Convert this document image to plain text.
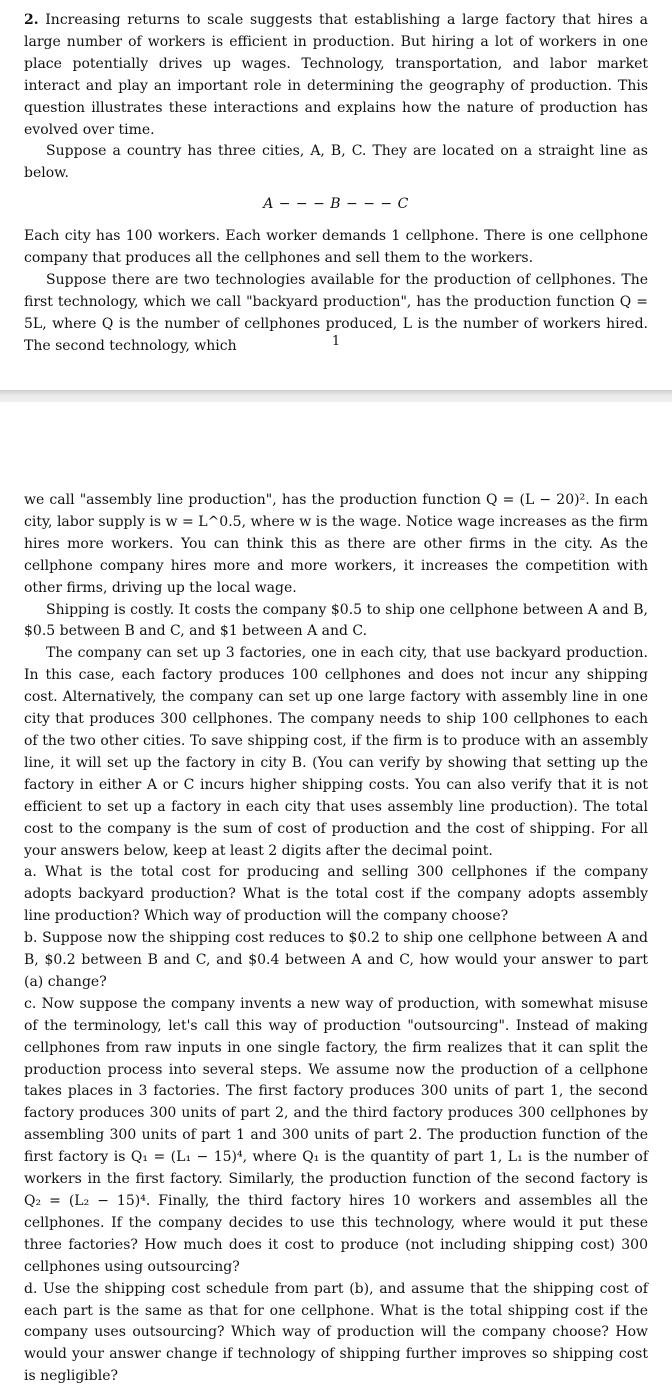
2. Increasing returns to scale suggests that establishing a large factory that hires a large number of workers is efficient in production. But hiring a lot of workers in one place potentially drives up wages. Technology, transportation, and labor market interact and play an important role in determining the geography of production. This question illustrates these interactions and explains how the nature of production has evolved over time.

Suppose a country has three cities, A, B, C. They are located on a straight line as below.

A − − − B − − − C

Each city has 100 workers. Each worker demands 1 cellphone. There is one cellphone company that produces all the cellphones and sell them to the workers.

Suppose there are two technologies available for the production of cellphones. The first technology, which we call "backyard production", has the production function Q = 5L, where Q is the number of cellphones produced, L is the number of workers hired. The second technology, which	1

we call "assembly line production", has the production function Q = (L − 20)². In each city, labor supply is w = L^0.5, where w is the wage. Notice wage increases as the firm hires more workers. You can think this as there are other firms in the city. As the cellphone company hires more and more workers, it increases the competition with other firms, driving up the local wage.

Shipping is costly. It costs the company $0.5 to ship one cellphone between A and B, $0.5 between B and C, and $1 between A and C.

The company can set up 3 factories, one in each city, that use backyard production. In this case, each factory produces 100 cellphones and does not incur any shipping cost. Alternatively, the company can set up one large factory with assembly line in one city that produces 300 cellphones. The company needs to ship 100 cellphones to each of the two other cities. To save shipping cost, if the firm is to produce with an assembly line, it will set up the factory in city B. (You can verify by showing that setting up the factory in either A or C incurs higher shipping costs. You can also verify that it is not efficient to set up a factory in each city that uses assembly line production). The total cost to the company is the sum of cost of production and the cost of shipping. For all your answers below, keep at least 2 digits after the decimal point.

a. What is the total cost for producing and selling 300 cellphones if the company adopts backyard production? What is the total cost if the company adopts assembly line production? Which way of production will the company choose?

b. Suppose now the shipping cost reduces to $0.2 to ship one cellphone between A and B, $0.2 between B and C, and $0.4 between A and C, how would your answer to part (a) change?

c. Now suppose the company invents a new way of production, with somewhat misuse of the terminology, let's call this way of production "outsourcing". Instead of making cellphones from raw inputs in one single factory, the firm realizes that it can split the production process into several steps. We assume now the production of a cellphone takes places in 3 factories. The first factory produces 300 units of part 1, the second factory produces 300 units of part 2, and the third factory produces 300 cellphones by assembling 300 units of part 1 and 300 units of part 2. The production function of the first factory is Q₁ = (L₁ − 15)⁴, where Q₁ is the quantity of part 1, L₁ is the number of workers in the first factory. Similarly, the production function of the second factory is Q₂ = (L₂ − 15)⁴. Finally, the third factory hires 10 workers and assembles all the cellphones. If the company decides to use this technology, where would it put these three factories? How much does it cost to produce (not including shipping cost) 300 cellphones using outsourcing?

d. Use the shipping cost schedule from part (b), and assume that the shipping cost of each part is the same as that for one cellphone. What is the total shipping cost if the company uses outsourcing? Which way of production will the company choose? How would your answer change if technology of shipping further improves so shipping cost is negligible?
